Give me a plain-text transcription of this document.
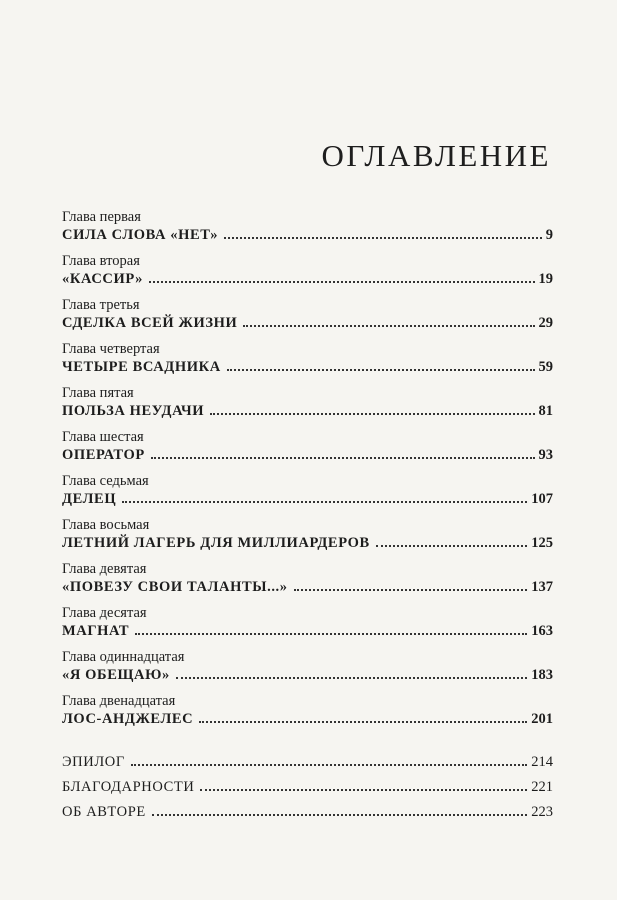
ОГЛАВЛЕНИЕ
Глава первая
СИЛА СЛОВА «НЕТ»	9
Глава вторая
«КАССИР»	19
Глава третья
СДЕЛКА ВСЕЙ ЖИЗНИ	29
Глава четвертая
ЧЕТЫРЕ ВСАДНИКА	59
Глава пятая
ПОЛЬЗА НЕУДАЧИ	81
Глава шестая
ОПЕРАТОР	93
Глава седьмая
ДЕЛЕЦ	107
Глава восьмая
ЛЕТНИЙ ЛАГЕРЬ ДЛЯ МИЛЛИАРДЕРОВ	125
Глава девятая
«ПОВЕЗУ СВОИ ТАЛАНТЫ...»	137
Глава десятая
МАГНАТ	163
Глава одиннадцатая
«Я ОБЕЩАЮ»	183
Глава двенадцатая
ЛОС-АНДЖЕЛЕС	201
ЭПИЛОГ	214
БЛАГОДАРНОСТИ	221
ОБ АВТОРЕ	223
